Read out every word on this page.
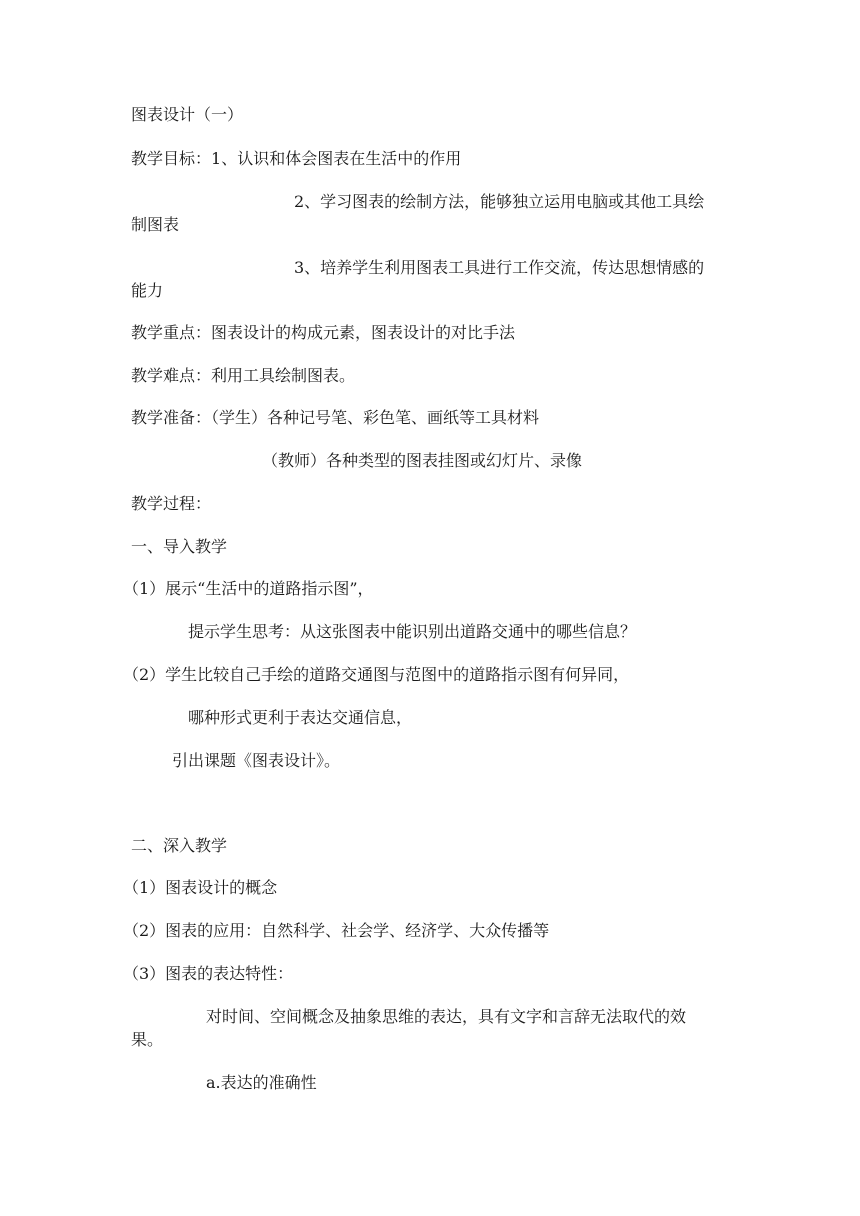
图表设计（一）
教学目标：1、认识和体会图表在生活中的作用
2、学习图表的绘制方法，能够独立运用电脑或其他工具绘
制图表
3、培养学生利用图表工具进行工作交流，传达思想情感的
能力
教学重点：图表设计的构成元素，图表设计的对比手法
教学难点：利用工具绘制图表。
教学准备：（学生）各种记号笔、彩色笔、画纸等工具材料
（教师）各种类型的图表挂图或幻灯片、录像
教学过程：
一、导入教学
（1）展示“生活中的道路指示图”，
提示学生思考：从这张图表中能识别出道路交通中的哪些信息？
（2）学生比较自己手绘的道路交通图与范图中的道路指示图有何异同，
哪种形式更利于表达交通信息，
引出课题《图表设计》。
二、深入教学
（1）图表设计的概念
（2）图表的应用：自然科学、社会学、经济学、大众传播等
（3）图表的表达特性：
对时间、空间概念及抽象思维的表达，具有文字和言辞无法取代的效
果。
a.表达的准确性
